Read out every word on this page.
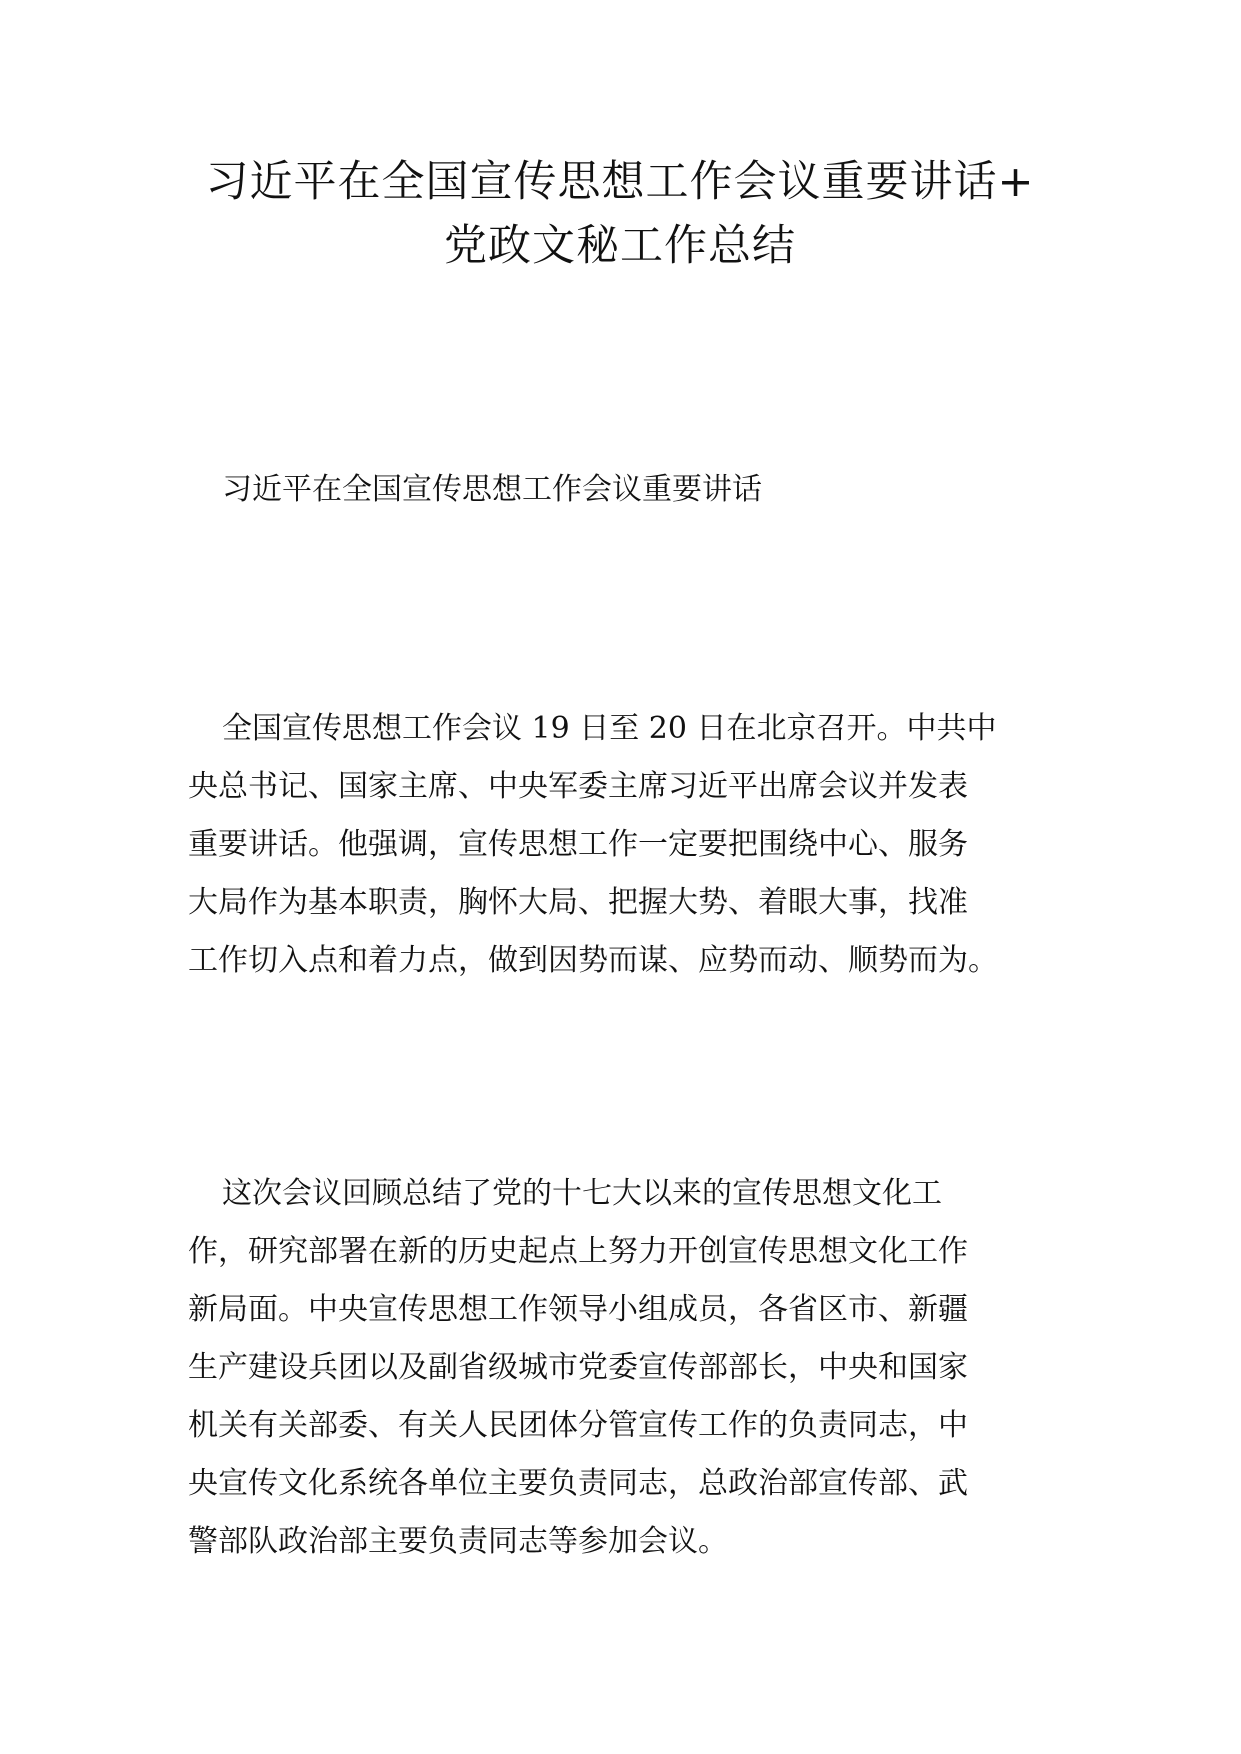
习近平在全国宣传思想工作会议重要讲话+
党政文秘工作总结

习近平在全国宣传思想工作会议重要讲话

全国宣传思想工作会议 19 日至 20 日在北京召开。中共中
央总书记、国家主席、中央军委主席习近平出席会议并发表
重要讲话。他强调，宣传思想工作一定要把围绕中心、服务
大局作为基本职责，胸怀大局、把握大势、着眼大事，找准
工作切入点和着力点，做到因势而谋、应势而动、顺势而为。
这次会议回顾总结了党的十七大以来的宣传思想文化工
作，研究部署在新的历史起点上努力开创宣传思想文化工作
新局面。中央宣传思想工作领导小组成员，各省区市、新疆
生产建设兵团以及副省级城市党委宣传部部长，中央和国家
机关有关部委、有关人民团体分管宣传工作的负责同志，中
央宣传文化系统各单位主要负责同志，总政治部宣传部、武
警部队政治部主要负责同志等参加会议。
